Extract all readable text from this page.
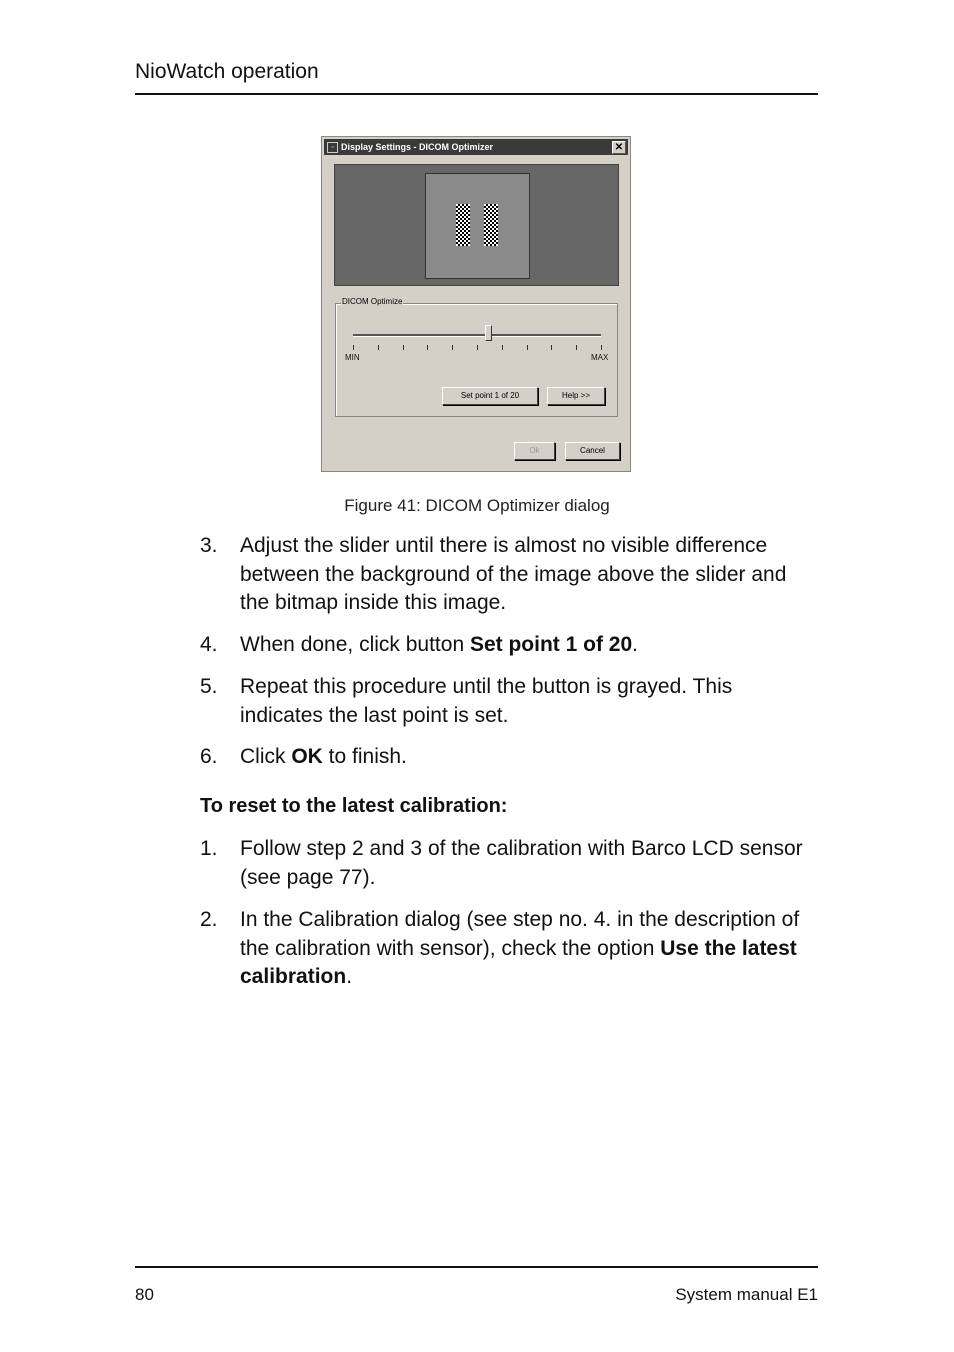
NioWatch operation
▫ Display Settings - DICOM Optimizer	✕
DICOM Optimize
MIN	MAX
Set point 1 of 20	Help >>
Ok	Cancel
Figure 41: DICOM Optimizer dialog
3. Adjust the slider until there is almost no visible difference between the background of the image above the slider and the bitmap inside this image.
4. When done, click button Set point 1 of 20.
5. Repeat this procedure until the button is grayed. This indicates the last point is set.
6. Click OK to finish.
To reset to the latest calibration:
1. Follow step 2 and 3 of the calibration with Barco LCD sensor (see page 77).
2. In the Calibration dialog (see step no. 4. in the description of the calibration with sensor), check the option Use the latest calibration.
80	System manual E1
